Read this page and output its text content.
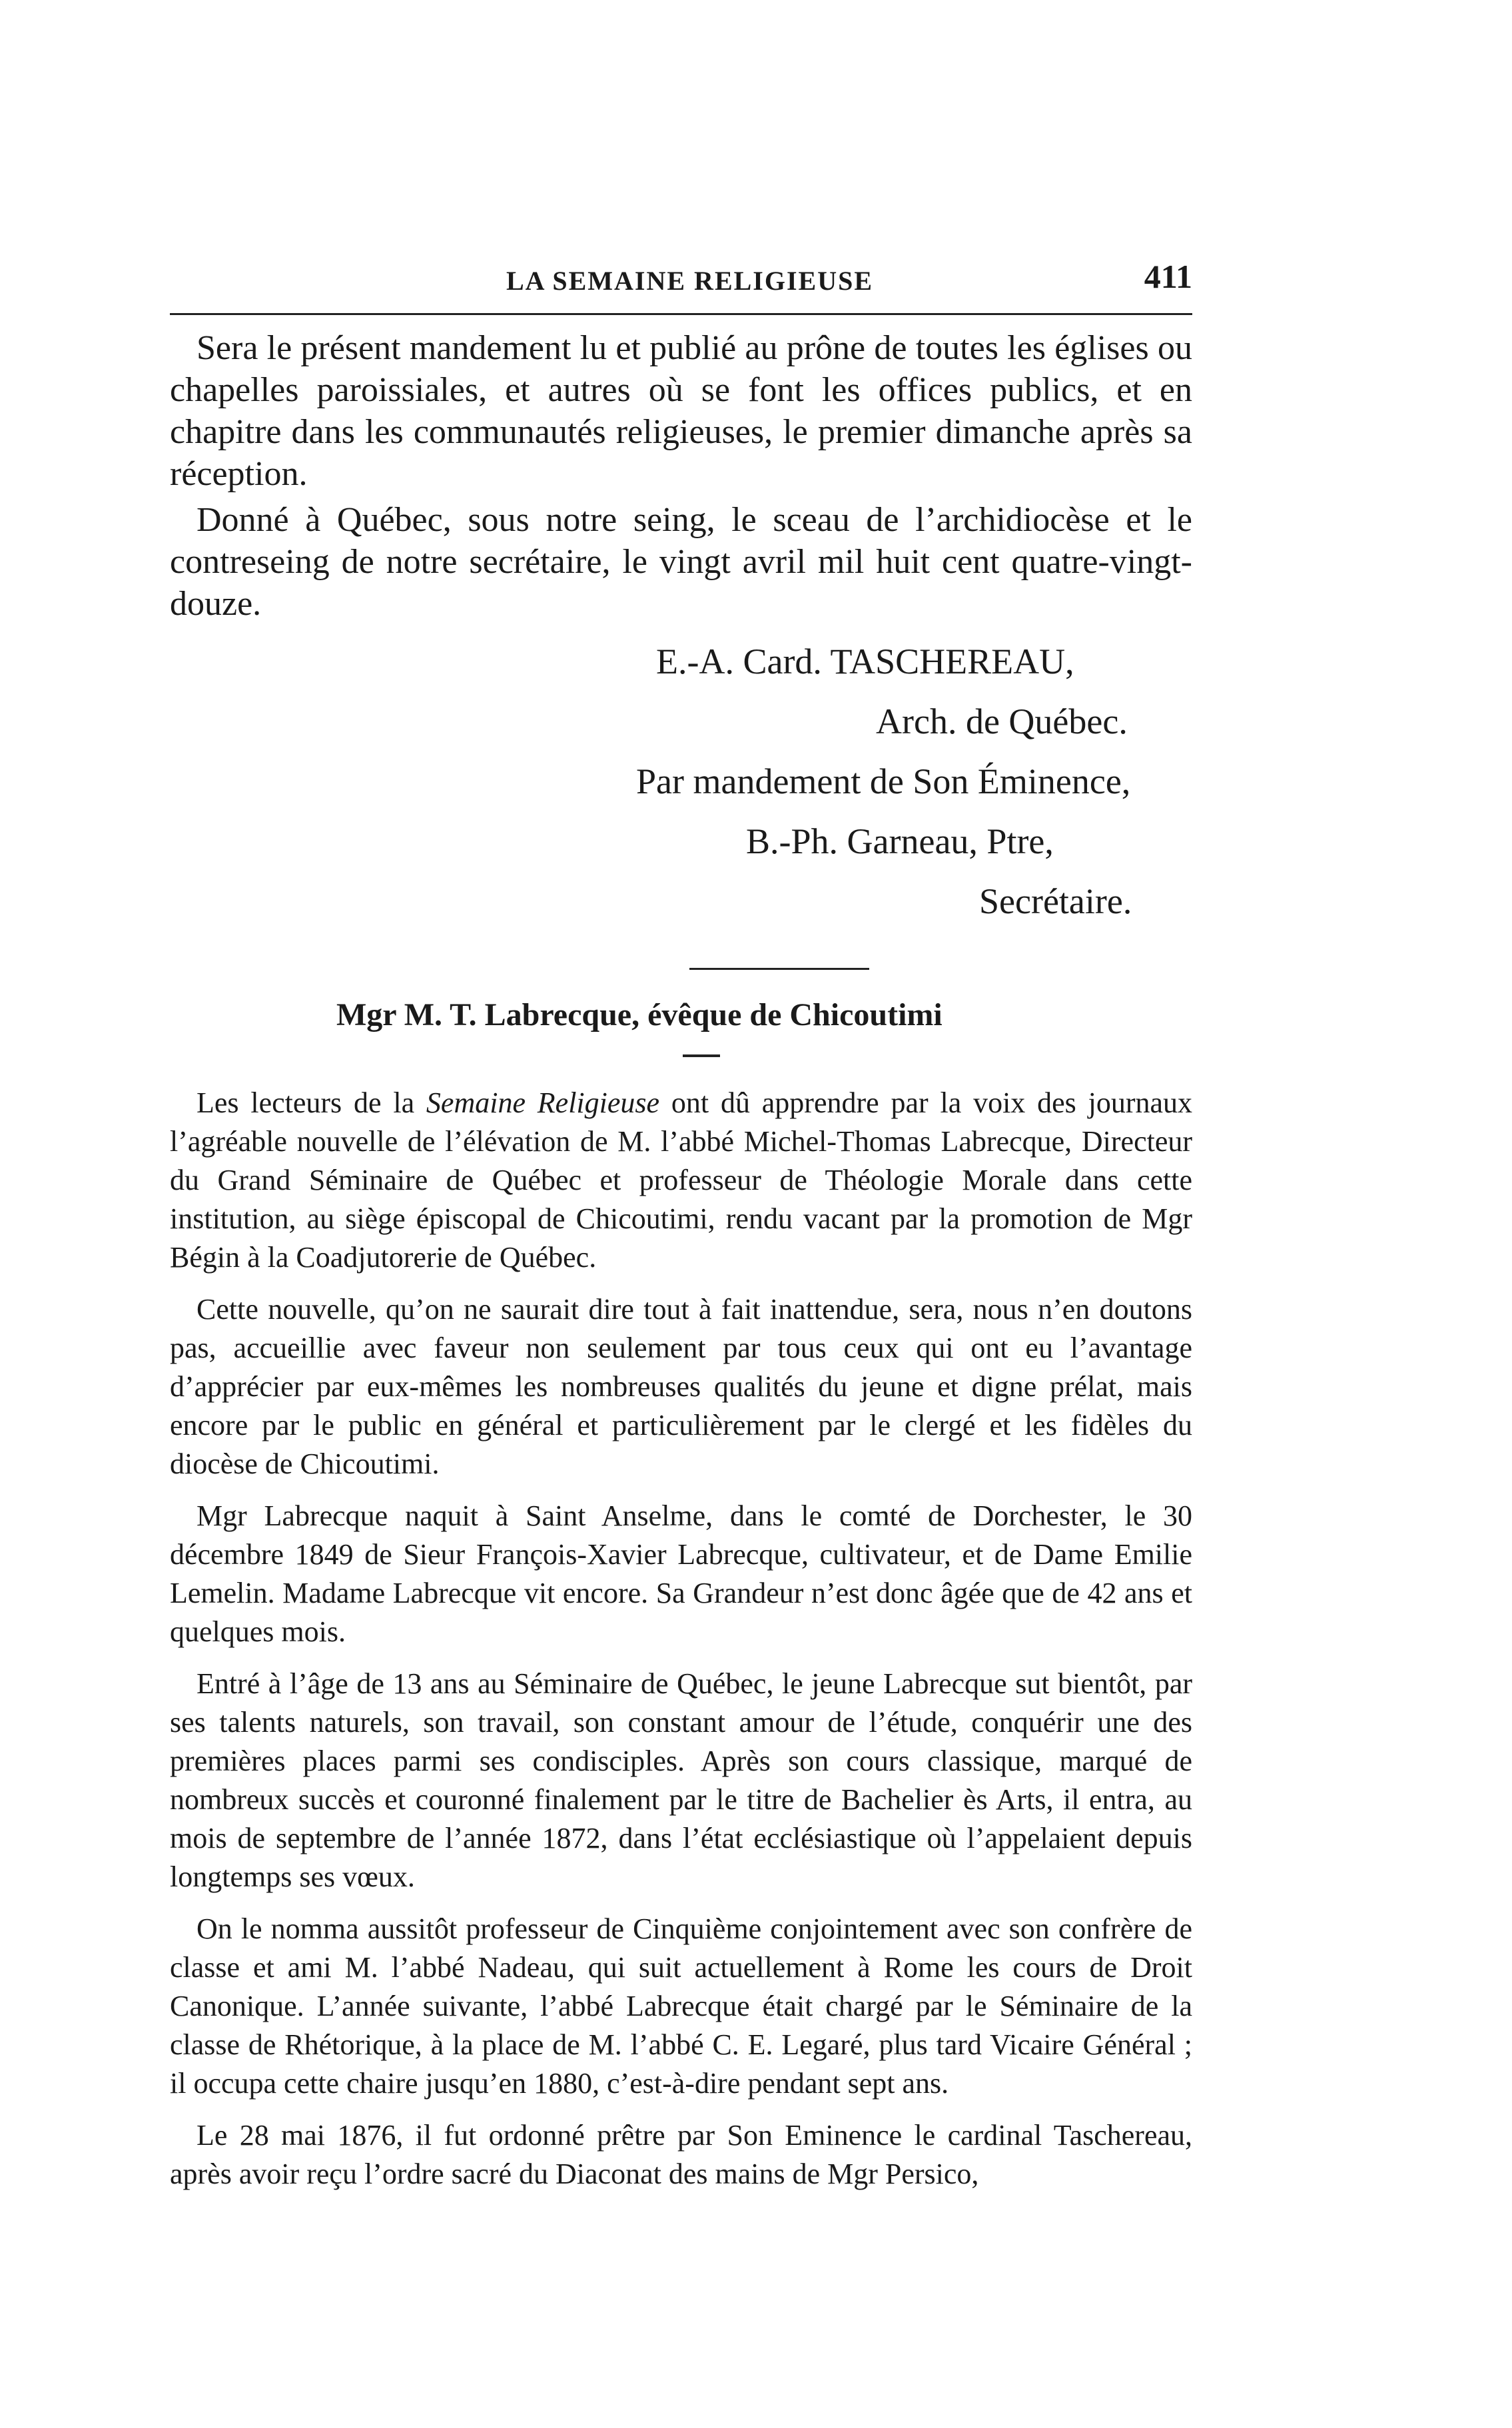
LA SEMAINE RELIGIEUSE	411

Sera le présent mandement lu et publié au prône de toutes les églises ou chapelles paroissiales, et autres où se font les offices publics, et en chapitre dans les communautés religieuses, le premier dimanche après sa réception.

Donné à Québec, sous notre seing, le sceau de l’archidiocèse et le contreseing de notre secrétaire, le vingt avril mil huit cent quatre-vingt-douze.

E.-A. Card. TASCHEREAU,
Arch. de Québec.
Par mandement de Son Éminence,
B.-Ph. Garneau, Ptre,
Secrétaire.
Mgr M. T. Labrecque, évêque de Chicoutimi

Les lecteurs de la Semaine Religieuse ont dû apprendre par la voix des journaux l’agréable nouvelle de l’élévation de M. l’abbé Michel-Thomas Labrecque, Directeur du Grand Séminaire de Québec et professeur de Théologie Morale dans cette institution, au siège épiscopal de Chicoutimi, rendu vacant par la promotion de Mgr Bégin à la Coadjutorerie de Québec.

Cette nouvelle, qu’on ne saurait dire tout à fait inattendue, sera, nous n’en doutons pas, accueillie avec faveur non seulement par tous ceux qui ont eu l’avantage d’apprécier par eux-mêmes les nombreuses qualités du jeune et digne prélat, mais encore par le public en général et particulièrement par le clergé et les fidèles du diocèse de Chicoutimi.

Mgr Labrecque naquit à Saint Anselme, dans le comté de Dorchester, le 30 décembre 1849 de Sieur François-Xavier Labrecque, cultivateur, et de Dame Emilie Lemelin. Madame Labrecque vit encore. Sa Grandeur n’est donc âgée que de 42 ans et quelques mois.

Entré à l’âge de 13 ans au Séminaire de Québec, le jeune Labrecque sut bientôt, par ses talents naturels, son travail, son constant amour de l’étude, conquérir une des premières places parmi ses condisciples. Après son cours classique, marqué de nombreux succès et couronné finalement par le titre de Bachelier ès Arts, il entra, au mois de septembre de l’année 1872, dans l’état ecclésiastique où l’appelaient depuis longtemps ses vœux.

On le nomma aussitôt professeur de Cinquième conjointement avec son confrère de classe et ami M. l’abbé Nadeau, qui suit actuellement à Rome les cours de Droit Canonique. L’année suivante, l’abbé Labrecque était chargé par le Séminaire de la classe de Rhétorique, à la place de M. l’abbé C. E. Legaré, plus tard Vicaire Général ; il occupa cette chaire jusqu’en 1880, c’est-à-dire pendant sept ans.

Le 28 mai 1876, il fut ordonné prêtre par Son Eminence le cardinal Taschereau, après avoir reçu l’ordre sacré du Diaconat des mains de Mgr Persico,
